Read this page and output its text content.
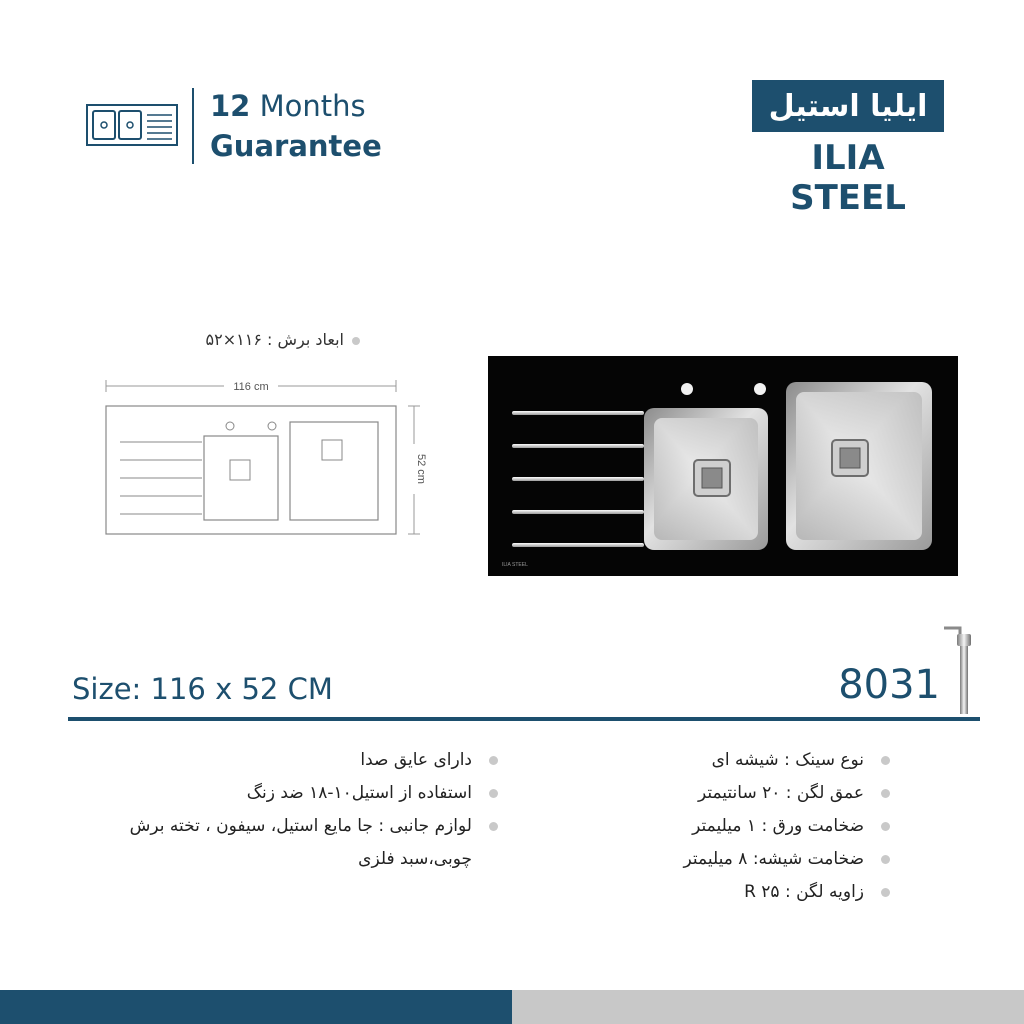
12 Months
Guarantee
ایلیا استیل
ILIA STEEL
ابعاد برش : ۱۱۶×۵۲
116 cm
52 cm
ILIA STEEL
Size: 116 x 52 CM	8031
نوع سینک : شیشه ای
عمق لگن : ۲۰ سانتیمتر
ضخامت ورق : ۱ میلیمتر
ضخامت شیشه: ۸ میلیمتر
زاویه لگن : R ۲۵
دارای عایق صدا
استفاده از استیل۱۰-۱۸ ضد زنگ
لوازم جانبی : جا مایع استیل، سیفون ، تخته برش چوبی،سبد فلزی
